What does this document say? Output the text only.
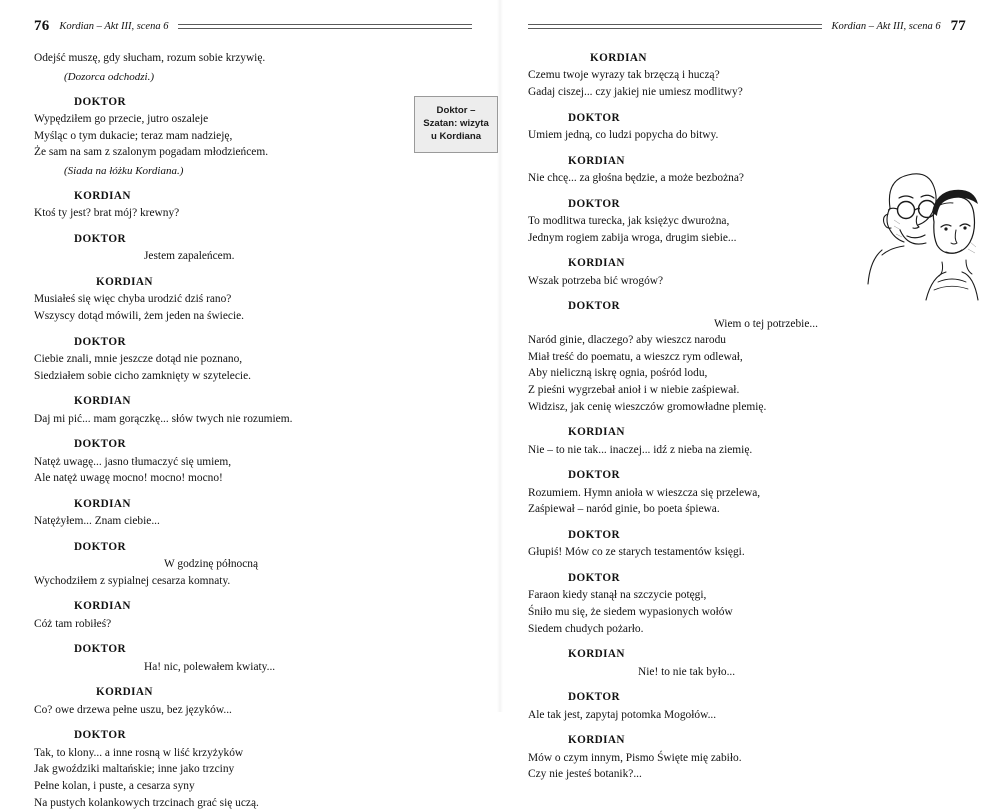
76 Kordian – Akt III, scena 6
Odejść muszę, gdy słucham, rozum sobie krzywię.
(Dozorca odchodzi.)
DOKTOR
Wypędziłem go przecie, jutro oszaleje
Myśląc o tym dukacie; teraz mam nadzieję,
Że sam na sam z szalonym pogadam młodzieńcem.
(Siada na łóżku Kordiana.)
KORDIAN
Ktoś ty jest? brat mój? krewny?
DOKTOR
Jestem zapaleńcem.
KORDIAN
Musiałeś się więc chyba urodzić dziś rano?
Wszyscy dotąd mówili, żem jeden na świecie.
DOKTOR
Ciebie znali, mnie jeszcze dotąd nie poznano,
Siedziałem sobie cicho zamknięty w szytelecie.
KORDIAN
Daj mi pić... mam gorączkę... słów twych nie rozumiem.
DOKTOR
Natęż uwagę... jasno tłumaczyć się umiem,
Ale natęż uwagę mocno! mocno! mocno!
KORDIAN
Natężyłem... Znam ciebie...
DOKTOR
W godzinę północną
Wychodziłem z sypialnej cesarza komnaty.
KORDIAN
Cóż tam robiłeś?
DOKTOR
Ha! nic, polewałem kwiaty...
KORDIAN
Co? owe drzewa pełne uszu, bez języków...
DOKTOR
Tak, to klony... a inne rosną w liść krzyżyków
Jak gwoździki maltańskie; inne jako trzciny
Pełne kolan, i puste, a cesarza syny
Na pustych kolankowych trzcinach grać się uczą.
Doktor – Szatan: wizyta u Kordiana
Kordian – Akt III, scena 6 77
KORDIAN
Czemu twoje wyrazy tak brzęczą i huczą?
Gadaj ciszej... czy jakiej nie umiesz modlitwy?
DOKTOR
Umiem jedną, co ludzi popycha do bitwy.
KORDIAN
Nie chcę... za głośna będzie, a może bezbożna?
DOKTOR
To modlitwa turecka, jak księżyc dwurożna,
Jednym rogiem zabija wroga, drugim siebie...
KORDIAN
Wszak potrzeba bić wrogów?
DOKTOR
Wiem o tej potrzebie...
Naród ginie, dlaczego? aby wieszcz narodu
Miał treść do poematu, a wieszcz rym odlewał,
Aby nieliczną iskrę ognia, pośród lodu,
Z pieśni wygrzebał anioł i w niebie zaśpiewał.
Widzisz, jak cenię wieszczów gromowładne plemię.
KORDIAN
Nie – to nie tak... inaczej... idź z nieba na ziemię.
DOKTOR
Rozumiem. Hymn anioła w wieszcza się przelewa,
Zaśpiewał – naród ginie, bo poeta śpiewa.
DOKTOR
Głupiś! Mów co ze starych testamentów księgi.
DOKTOR
Faraon kiedy stanął na szczycie potęgi,
Śniło mu się, że siedem wypasionych wołów
Siedem chudych pożarło.
KORDIAN
Nie! to nie tak było...
DOKTOR
Ale tak jest, zapytaj potomka Mogołów...
KORDIAN
Mów o czym innym, Pismo Święte mię zabiło.
Czy nie jesteś botanik?...
